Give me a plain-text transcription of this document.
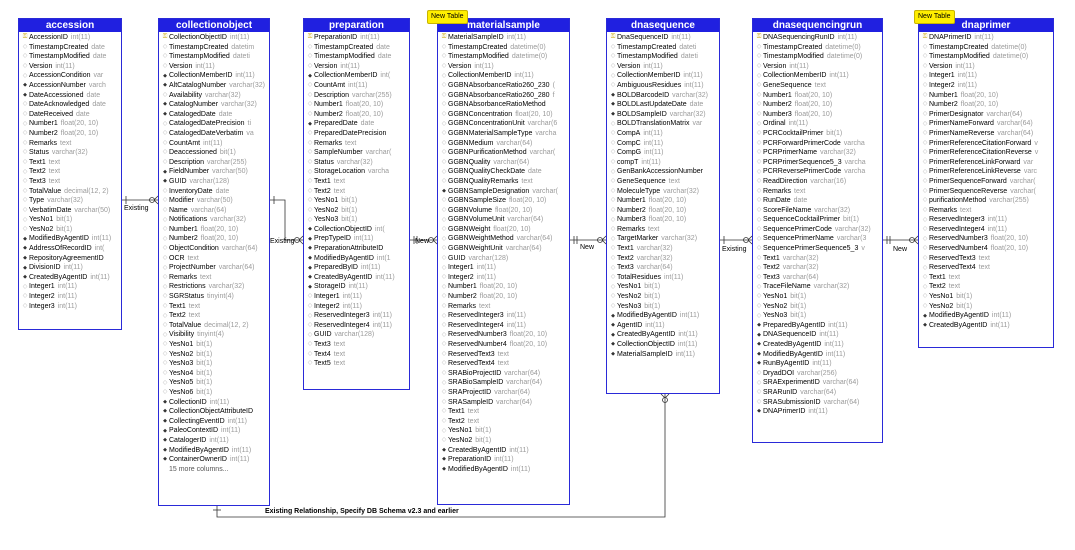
accession
⚿ AccessionID int(11)
◇ TimestampCreated date
◇ TimestampModified date
◇ Version int(11)
◇ AccessionCondition var
◆ AccessionNumber varch
◆ DateAccessioned date
◇ DateAcknowledged date
◇ DateReceived date
◇ Number1 float(20, 10)
◇ Number2 float(20, 10)
◇ Remarks text
◇ Status varchar(32)
◇ Text1 text
◇ Text2 text
◇ Text3 text
◇ TotalValue decimal(12, 2)
◇ Type varchar(32)
◇ VerbatimDate varchar(50)
◇ YesNo1 bit(1)
◇ YesNo2 bit(1)
◆ ModifiedByAgentID int(11)
◆ AddressOfRecordID int(
◆ RepositoryAgreementID
◆ DivisionID int(11)
◆ CreatedByAgentID int(11)
◇ Integer1 int(11)
◇ Integer2 int(11)
◇ Integer3 int(11)
collectionobject
⚿ CollectionObjectID int(11)
◇ TimestampCreated datetim
◇ TimestampModified dateti
◇ Version int(11)
◆ CollectionMemberID int(11)
◆ AltCatalogNumber varchar(32)
◇ Availability varchar(32)
◆ CatalogNumber varchar(32)
◆ CatalogedDate date
◇ CatalogedDatePrecision ti
◇ CatalogedDateVerbatim va
◇ CountAmt int(11)
◇ Deaccessioned bit(1)
◇ Description varchar(255)
◆ FieldNumber varchar(50)
◆ GUID varchar(128)
◇ InventoryDate date
◇ Modifier varchar(50)
◇ Name varchar(64)
◇ Notifications varchar(32)
◇ Number1 float(20, 10)
◇ Number2 float(20, 10)
◇ ObjectCondition varchar(64)
◇ OCR text
◇ ProjectNumber varchar(64)
◇ Remarks text
◇ Restrictions varchar(32)
◇ SGRStatus tinyint(4)
◇ Text1 text
◇ Text2 text
◇ TotalValue decimal(12, 2)
◇ Visibility tinyint(4)
◇ YesNo1 bit(1)
◇ YesNo2 bit(1)
◇ YesNo3 bit(1)
◇ YesNo4 bit(1)
◇ YesNo5 bit(1)
◇ YesNo6 bit(1)
◆ CollectionID int(11)
◆ CollectionObjectAttributeID
◆ CollectingEventID int(11)
◆ PaleoContextID int(11)
◆ CatalogerID int(11)
◆ ModifiedByAgentID int(11)
◆ ContainerOwnerID int(11)
15 more columns...
preparation
⚿ PreparationID int(11)
◇ TimestampCreated date
◇ TimestampModified date
◇ Version int(11)
◆ CollectionMemberID int(
◇ CountAmt int(11)
◇ Description varchar(255)
◇ Number1 float(20, 10)
◇ Number2 float(20, 10)
◆ PreparedDate date
◇ PreparedDatePrecision
◇ Remarks text
◇ SampleNumber varchar(
◇ Status varchar(32)
◇ StorageLocation varcha
◇ Text1 text
◇ Text2 text
◇ YesNo1 bit(1)
◇ YesNo2 bit(1)
◇ YesNo3 bit(1)
◆ CollectionObjectID int(
◆ PrepTypeID int(11)
◆ PreparationAttributeID
◆ ModifiedByAgentID int(1
◆ PreparedByID int(11)
◆ CreatedByAgentID int(11)
◆ StorageID int(11)
◇ Integer1 int(11)
◇ Integer2 int(11)
◇ ReservedInteger3 int(11)
◇ ReservedInteger4 int(11)
◇ GUID varchar(128)
◇ Text3 text
◇ Text4 text
◇ Text5 text
materialsample
⚿ MaterialSampleID int(11)
◇ TimestampCreated datetime(0)
◇ TimestampModified datetime(0)
◇ Version int(11)
◇ CollectionMemberID int(11)
◇ GGBNAbsorbanceRatio260_230 (
◇ GGBNAbsorbanceRatio260_280 f
◇ GGBNAbsorbanceRatioMethod
◇ GGBNConcentration float(20, 10)
◇ GGBNConcentrationUnit varchar(6
◇ GGBNMaterialSampleType varcha
◇ GGBNMedium varchar(64)
◇ GGBNPurificationMethod varchar(
◇ GGBNQuality varchar(64)
◇ GGBNQualityCheckDate date
◇ GGBNQualityRemarks text
◆ GGBNSampleDesignation varchar(
◇ GGBNSampleSize float(20, 10)
◇ GGBNVolume float(20, 10)
◇ GGBNVolumeUnit varchar(64)
◇ GGBNWeight float(20, 10)
◇ GGBNWeightMethod varchar(64)
◇ GGBNWeightUnit varchar(64)
◇ GUID varchar(128)
◇ Integer1 int(11)
◇ Integer2 int(11)
◇ Number1 float(20, 10)
◇ Number2 float(20, 10)
◇ Remarks text
◇ ReservedInteger3 int(11)
◇ ReservedInteger4 int(11)
◇ ReservedNumber3 float(20, 10)
◇ ReservedNumber4 float(20, 10)
◇ ReservedText3 text
◇ ReservedText4 text
◇ SRABioProjectID varchar(64)
◇ SRABioSampleID varchar(64)
◇ SRAProjectID varchar(64)
◇ SRASampleID varchar(64)
◇ Text1 text
◇ Text2 text
◇ YesNo1 bit(1)
◇ YesNo2 bit(1)
◆ CreatedByAgentID int(11)
◆ PreparationID int(11)
◆ ModifiedByAgentID int(11)
dnasequence
⚿ DnaSequenceID int(11)
◇ TimestampCreated dateti
◇ TimestampModified dateti
◇ Version int(11)
◇ CollectionMemberID int(11)
◇ AmbiguousResidues int(11)
◆ BOLDBarcodeID varchar(32)
◆ BOLDLastUpdateDate date
◆ BOLDSampleID varchar(32)
◇ BOLDTranslationMatrix var
◇ CompA int(11)
◇ CompC int(11)
◇ CompG int(11)
◇ compT int(11)
◇ GenBankAccessionNumber
◇ GeneSequence text
◇ MoleculeType varchar(32)
◇ Number1 float(20, 10)
◇ Number2 float(20, 10)
◇ Number3 float(20, 10)
◇ Remarks text
◇ TargetMarker varchar(32)
◇ Text1 varchar(32)
◇ Text2 varchar(32)
◇ Text3 varchar(64)
◇ TotalResidues int(11)
◇ YesNo1 bit(1)
◇ YesNo2 bit(1)
◇ YesNo3 bit(1)
◆ ModifiedByAgentID int(11)
◆ AgentID int(11)
◆ CreatedByAgentID int(11)
◆ CollectionObjectID int(11)
◆ MaterialSampleID int(11)
dnasequencingrun
⚿ DNASequencingRunID int(11)
◇ TimestampCreated datetime(0)
◇ TimestampModified datetime(0)
◇ Version int(11)
◇ CollectionMemberID int(11)
◇ GeneSequence text
◇ Number1 float(20, 10)
◇ Number2 float(20, 10)
◇ Number3 float(20, 10)
◇ Ordinal int(11)
◇ PCRCocktailPrimer bit(1)
◇ PCRForwardPrimerCode varcha
◇ PCRPrimerName varchar(32)
◇ PCRPrimerSequence5_3 varcha
◇ PCRReversePrimerCode varcha
◇ ReadDirection varchar(16)
◇ Remarks text
◇ RunDate date
◇ ScoreFileName varchar(32)
◇ SequenceCocktailPrimer bit(1)
◇ SequencePrimerCode varchar(32)
◇ SequencePrimerName varchar(3
◇ SequencePrimerSequence5_3 v
◇ Text1 varchar(32)
◇ Text2 varchar(32)
◇ Text3 varchar(64)
◇ TraceFileName varchar(32)
◇ YesNo1 bit(1)
◇ YesNo2 bit(1)
◇ YesNo3 bit(1)
◆ PreparedByAgentID int(11)
◆ DNASequenceID int(11)
◆ CreatedByAgentID int(11)
◆ ModifiedByAgentID int(11)
◆ RunByAgentID int(11)
◇ DryadDOI varchar(256)
◇ SRAExperimentID varchar(64)
◇ SRARunID varchar(64)
◇ SRASubmissionID varchar(64)
◆ DNAPrimerID int(11)
dnaprimer
⚿ DNAPrimerID int(11)
◇ TimestampCreated datetime(0)
◇ TimestampModified datetime(0)
◇ Version int(11)
◇ Integer1 int(11)
◇ Integer2 int(11)
◇ Number1 float(20, 10)
◇ Number2 float(20, 10)
◇ PrimerDesignator varchar(64)
◇ PrimerNameForward varchar(64)
◇ PrimerNameReverse varchar(64)
◇ PrimerReferenceCitationForward v
◇ PrimerReferenceCitationReverse v
◇ PrimerReferenceLinkForward var
◇ PrimerReferenceLinkReverse varc
◇ PrimerSequenceForward varchar(
◇ PrimerSequenceReverse varchar(
◇ purificationMethod varchar(255)
◇ Remarks text
◇ ReservedInteger3 int(11)
◇ ReservedInteger4 int(11)
◇ ReservedNumber3 float(20, 10)
◇ ReservedNumber4 float(20, 10)
◇ ReservedText3 text
◇ ReservedText4 text
◇ Text1 text
◇ Text2 text
◇ YesNo1 bit(1)
◇ YesNo2 bit(1)
◆ ModifiedByAgentID int(11)
◆ CreatedByAgentID int(11)
New Table	New Table
Existing
Existing	New
New	Existing	New
Existing Relationship, Specify DB Schema v2.3 and earlier
